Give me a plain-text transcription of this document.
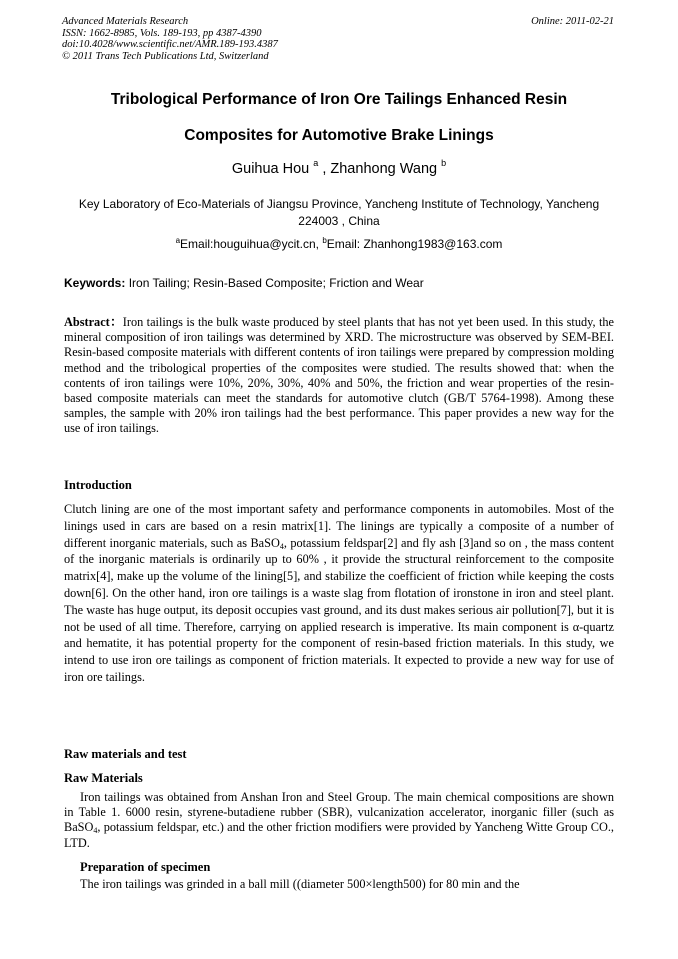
Advanced Materials Research
ISSN: 1662-8985, Vols. 189-193, pp 4387-4390
doi:10.4028/www.scientific.net/AMR.189-193.4387
© 2011 Trans Tech Publications Ltd, Switzerland
Online: 2011-02-21
Tribological Performance of Iron Ore Tailings Enhanced Resin
Composites for Automotive Brake Linings
Guihua Hou $^a$ , Zhanhong Wang $^b$
Key Laboratory of Eco-Materials of Jiangsu Province, Yancheng Institute of Technology, Yancheng 224003 , China
$^a$Email:houguihua@ycit.cn, $^b$Email: Zhanhong1983@163.com
Keywords: Iron Tailing; Resin-Based Composite; Friction and Wear
Abstract：Iron tailings is the bulk waste produced by steel plants that has not yet been used. In this study, the mineral composition of iron tailings was determined by XRD. The microstructure was observed by SEM-BEI. Resin-based composite materials with different contents of iron tailings were prepared by compression molding method and the tribological properties of the composites were studied. The results showed that: when the contents of iron tailings were 10%, 20%, 30%, 40% and 50%, the friction and wear properties of the resin-based composite materials can meet the standards for automotive clutch (GB/T 5764-1998). Among these samples, the sample with 20% iron tailings had the best performance. This paper provides a new way for the use of iron tailings.
Introduction
Clutch lining are one of the most important safety and performance components in automobiles. Most of the linings used in cars are based on a resin matrix[1]. The linings are typically a composite of a number of different inorganic materials, such as BaSO$_4$, potassium feldspar[2] and fly ash [3]and so on , the mass content of the inorganic materials is ordinarily up to 60% , it provide the structural reinforcement to the composite matrix[4], make up the volume of the lining[5], and stabilize the coefficient of friction while keeping the costs down[6]. On the other hand, iron ore tailings is a waste slag from flotation of ironstone in iron and steel plant. The waste has huge output, its deposit occupies vast ground, and its dust makes serious air pollution[7], but it is not be used of all time. Therefore, carrying on applied research is imperative. Its main component is α-quartz and hematite, it has potential property for the component of resin-based friction materials. In this study, we intend to use iron ore tailings as component of friction materials. It expected to provide a new way for use of iron ore tailings.
Raw materials and test
Raw Materials
Iron tailings was obtained from Anshan Iron and Steel Group. The main chemical compositions are shown in Table 1. 6000 resin, styrene-butadiene rubber (SBR), vulcanization accelerator, inorganic filler (such as BaSO$_4$, potassium feldspar, etc.) and the other friction modifiers were provided by Yancheng Witte Group CO., LTD.
Preparation of specimen
The iron tailings was grinded in a ball mill ((diameter 500×length500) for 80 min and the
